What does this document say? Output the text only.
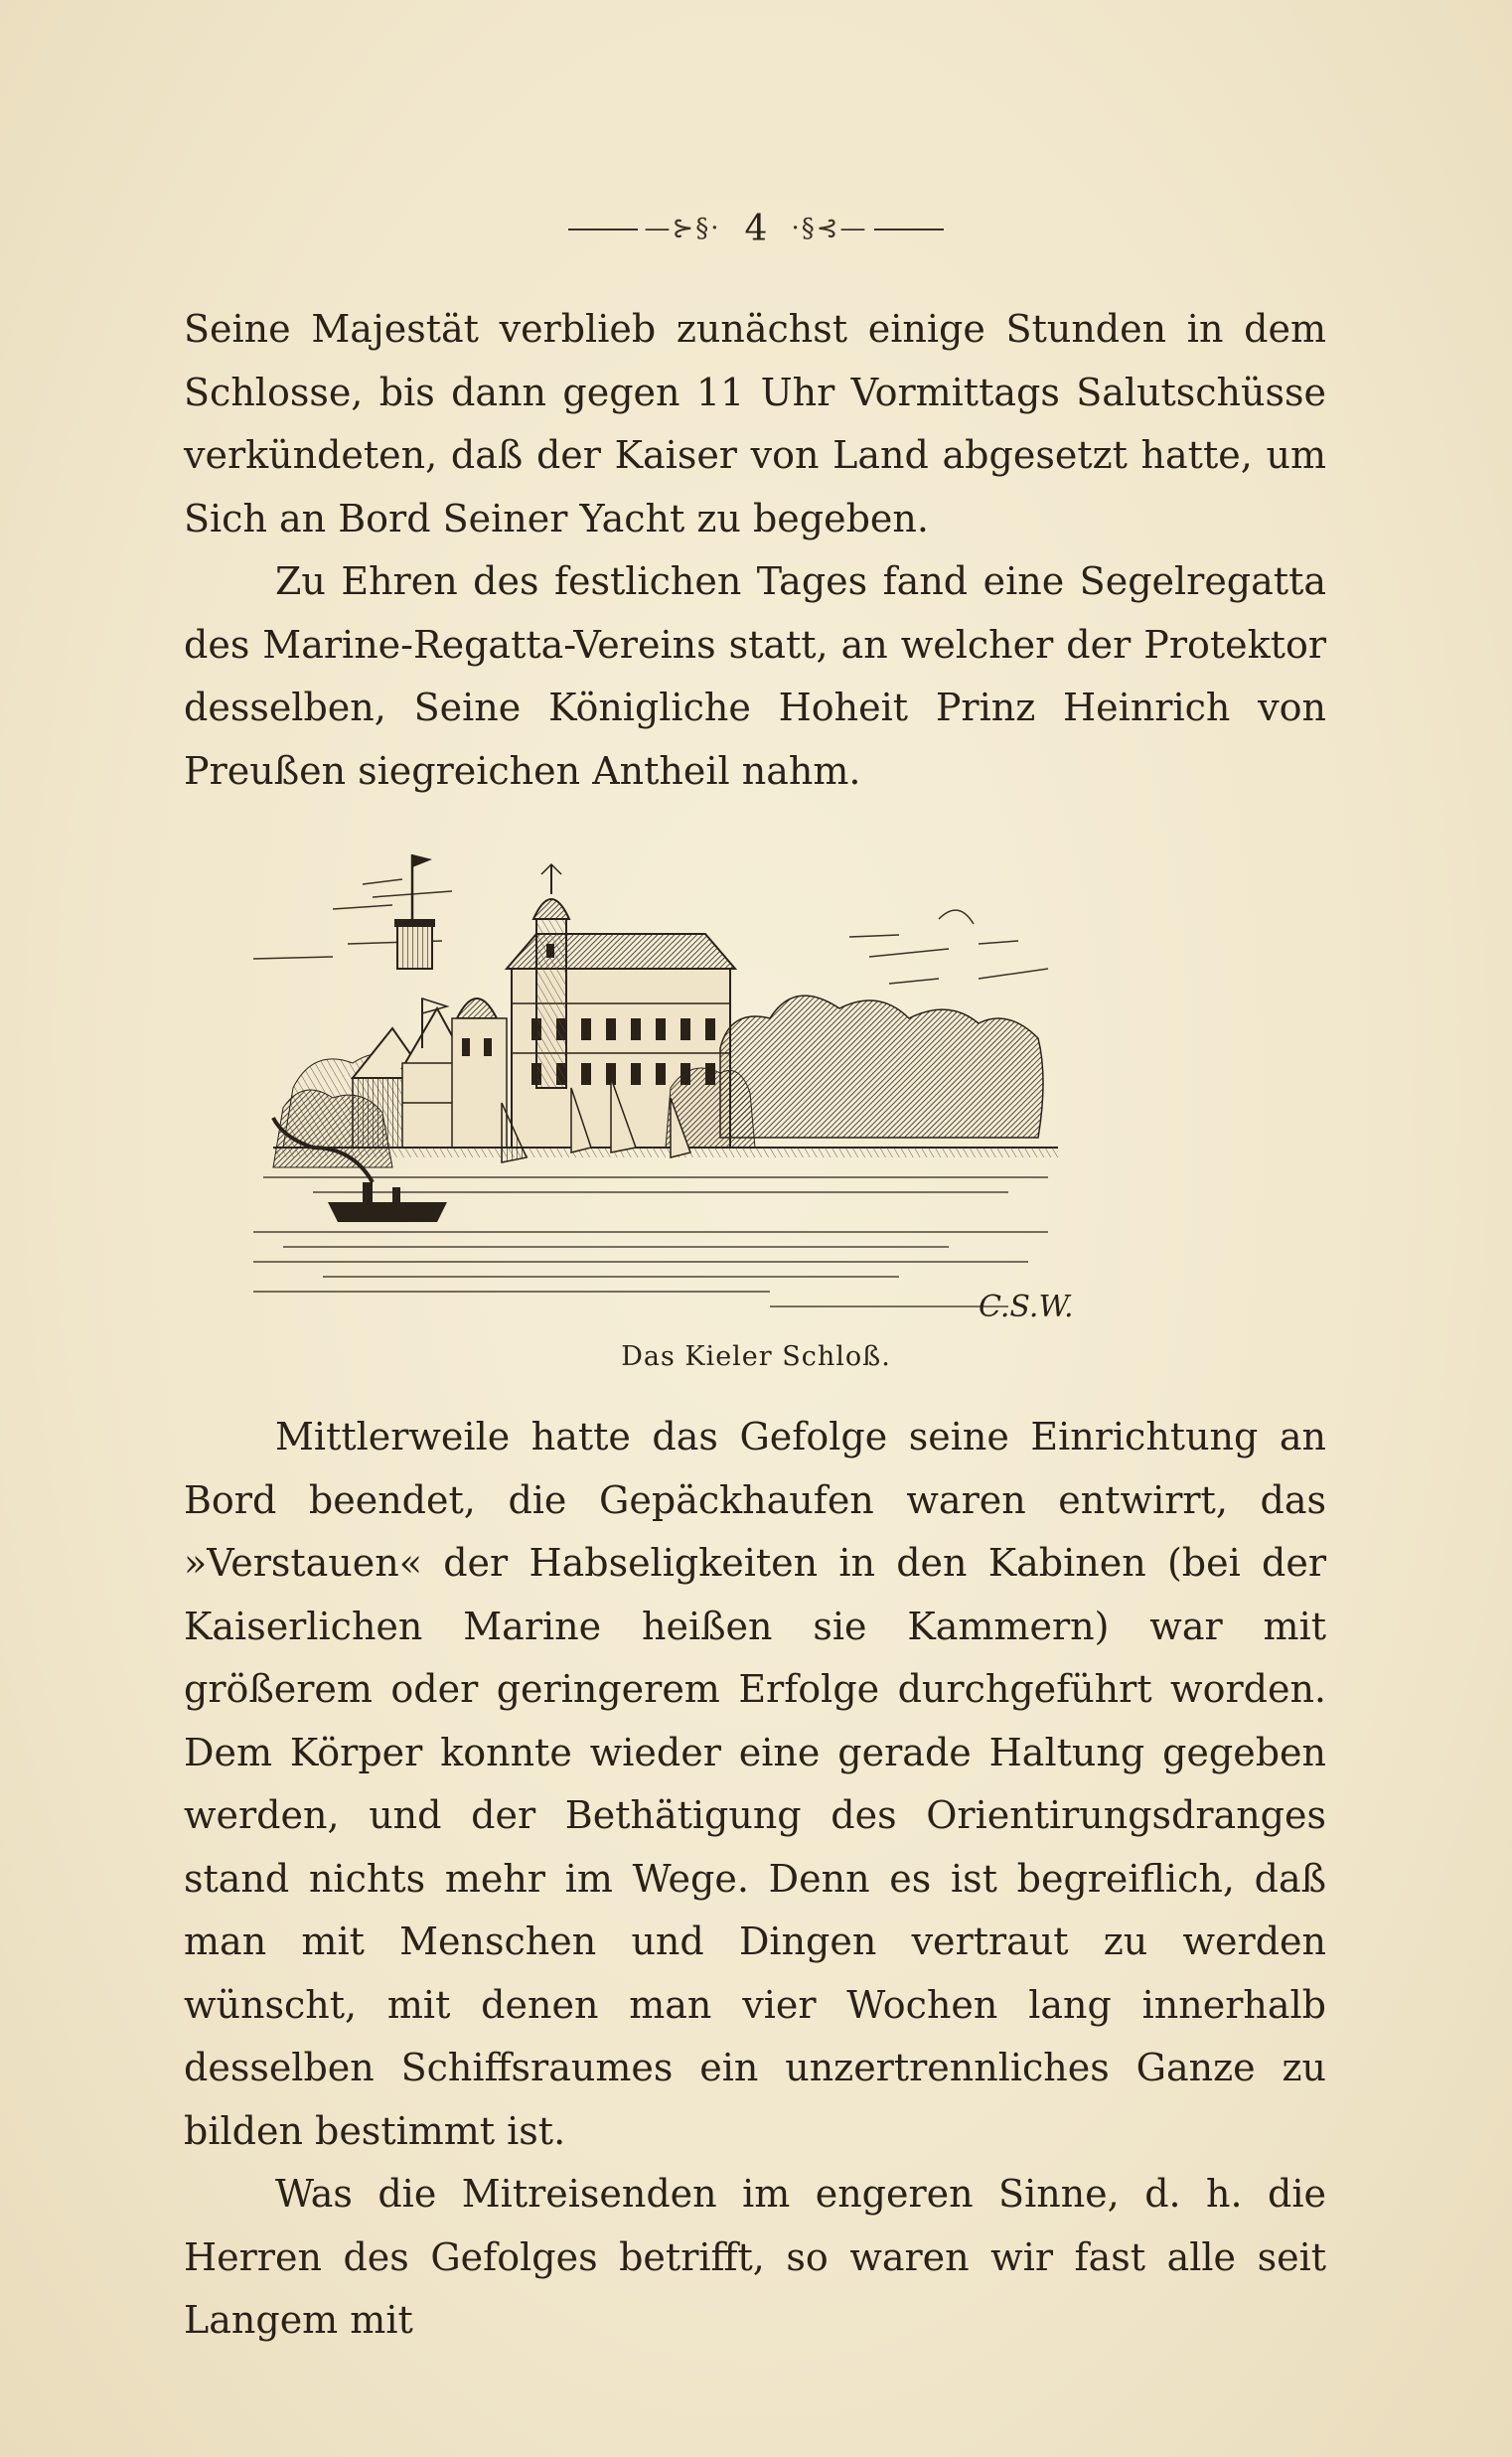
—⊱§· 4 ·§⊰—

Seine Majestät verblieb zunächst einige Stunden in dem Schlosse, bis dann gegen 11 Uhr Vormittags Salutschüsse verkündeten, daß der Kaiser von Land abgesetzt hatte, um Sich an Bord Seiner Yacht zu begeben.

Zu Ehren des festlichen Tages fand eine Segelregatta des Marine-Regatta-Vereins statt, an welcher der Protektor desselben, Seine Königliche Hoheit Prinz Heinrich von Preußen siegreichen Antheil nahm.

C.S.W.
Das Kieler Schloß.

Mittlerweile hatte das Gefolge seine Einrichtung an Bord beendet, die Gepäckhaufen waren entwirrt, das »Verstauen« der Habseligkeiten in den Kabinen (bei der Kaiserlichen Marine heißen sie Kammern) war mit größerem oder geringerem Erfolge durchgeführt worden. Dem Körper konnte wieder eine gerade Haltung gegeben werden, und der Bethätigung des Orientirungsdranges stand nichts mehr im Wege. Denn es ist begreiflich, daß man mit Menschen und Dingen vertraut zu werden wünscht, mit denen man vier Wochen lang innerhalb desselben Schiffsraumes ein unzertrennliches Ganze zu bilden bestimmt ist.

Was die Mitreisenden im engeren Sinne, d. h. die Herren des Gefolges betrifft, so waren wir fast alle seit Langem mit
